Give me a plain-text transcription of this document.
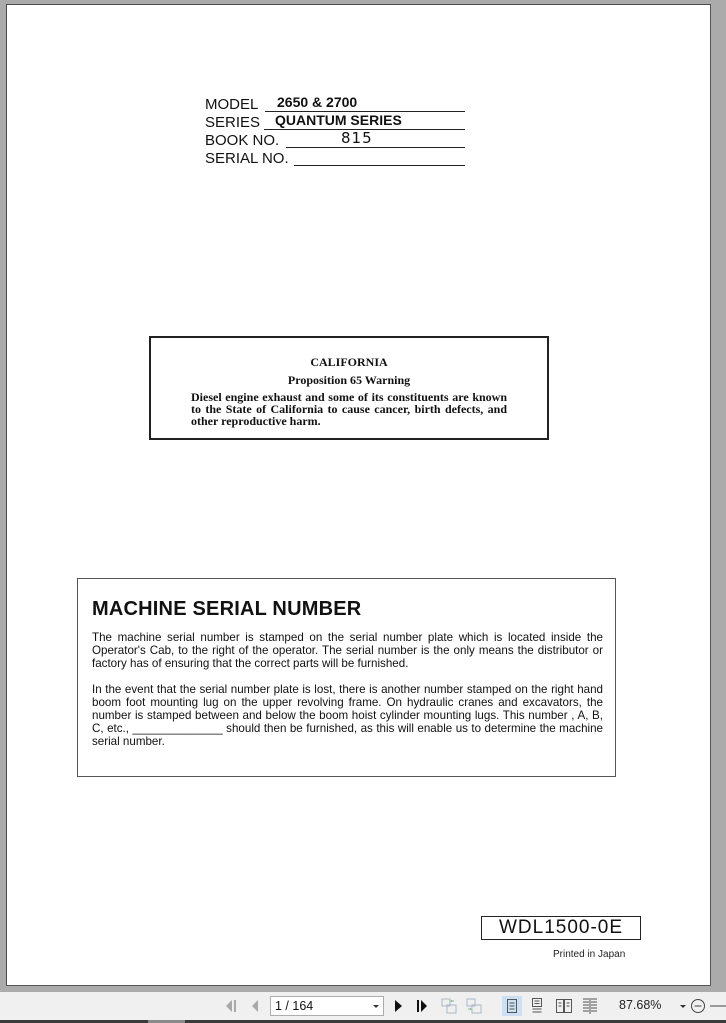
MODEL 2650 & 2700
SERIES QUANTUM SERIES
BOOK NO.	815
SERIAL NO.
CALIFORNIA
Proposition 65 Warning
Diesel engine exhaust and some of its constituents are known to the State of California to cause cancer, birth defects, and other reproductive harm.
MACHINE SERIAL NUMBER

The machine serial number is stamped on the serial number plate which is located inside the Operator's Cab, to the right of the operator. The serial number is the only means the distributor or factory has of ensuring that the correct parts will be furnished.

In the event that the serial number plate is lost, there is another number stamped on the right hand boom foot mounting lug on the upper revolving frame. On hydraulic cranes and excavators, the number is stamped between and below the boom hoist cylinder mounting lugs. This number , A, B, C, etc., ______________ should then be furnished, as this will enable us to determine the machine serial number.

WDL1500-0E
Printed in Japan
1 / 164	87.68%
